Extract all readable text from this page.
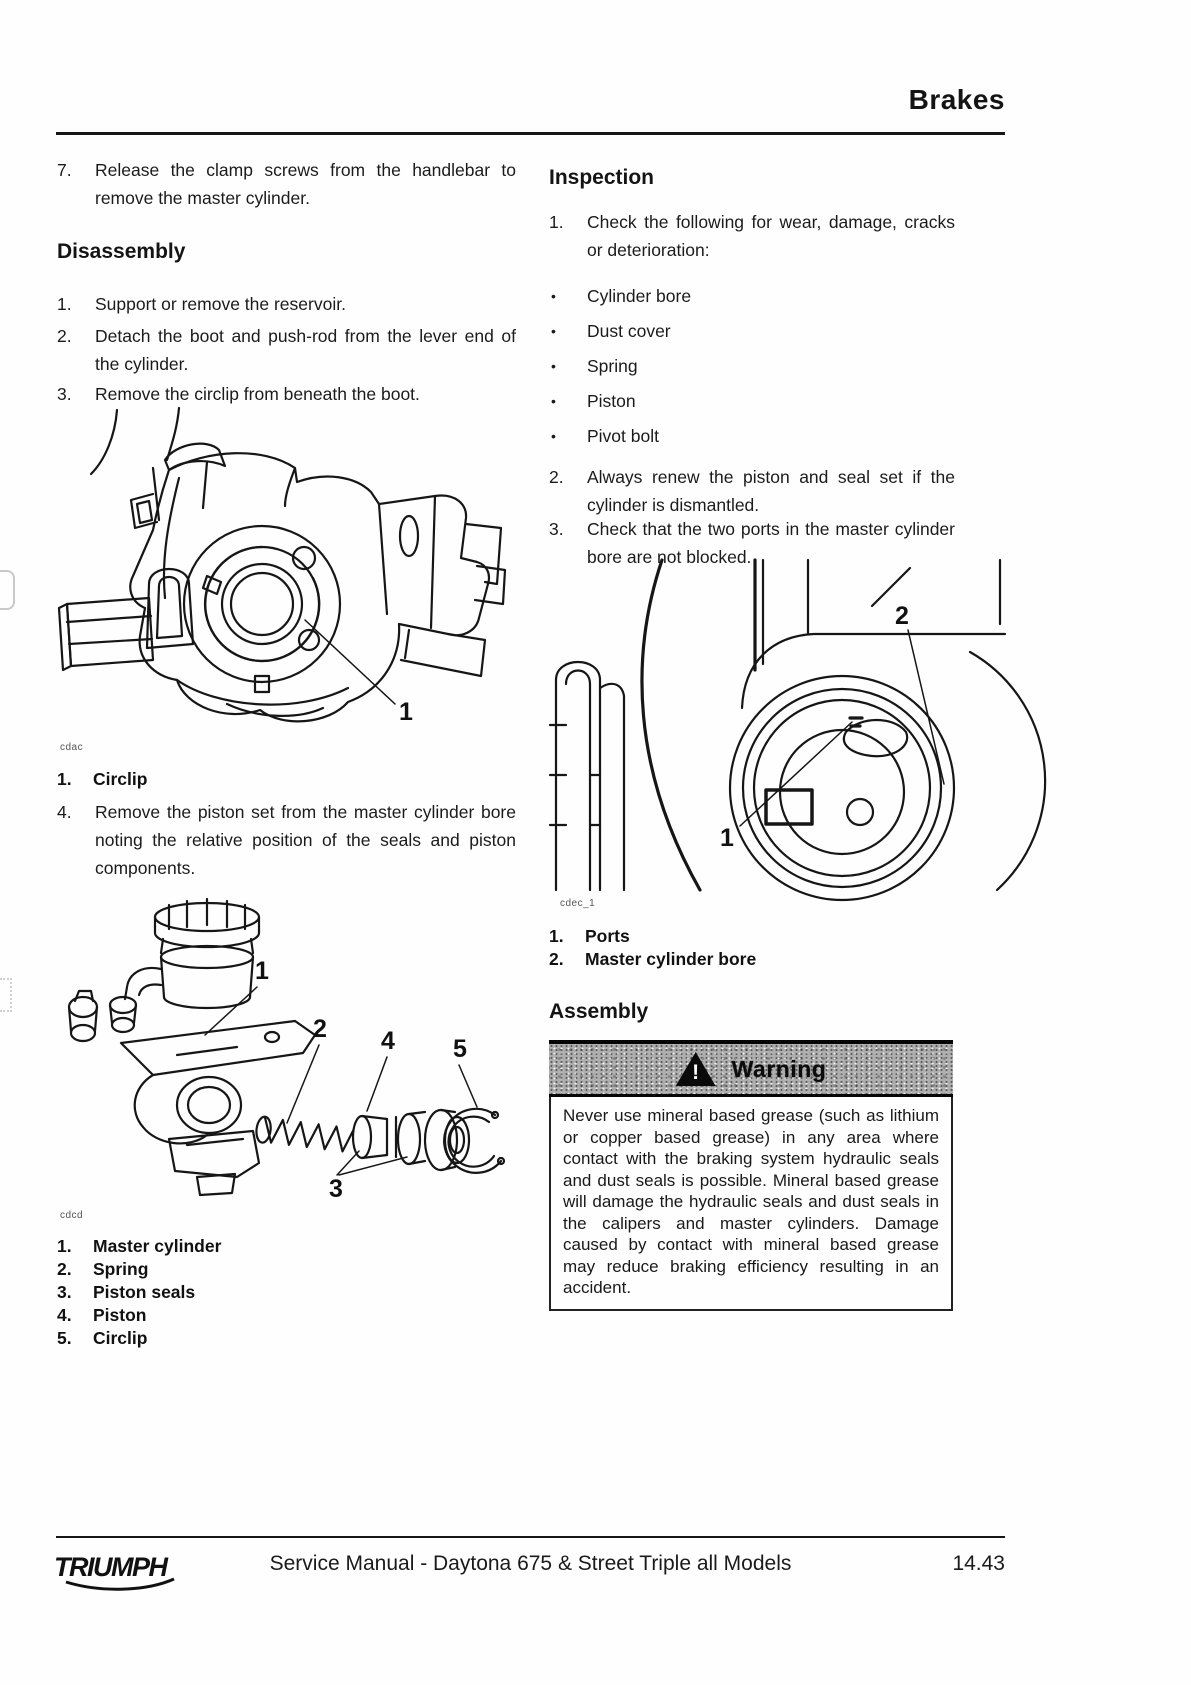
Brakes
7.	Release the clamp screws from the handlebar to remove the master cylinder.
Disassembly
1.	Support or remove the reservoir.
2.	Detach the boot and push-rod from the lever end of the cylinder.
3.	Remove the circlip from beneath the boot.
1
cdac
1.	Circlip
4.	Remove the piston set from the master cylinder bore noting the relative position of the seals and piston components.
1
2 4 5
3
cdcd
1.	Master cylinder
2.	Spring
3.	Piston seals
4.	Piston
5.	Circlip
Inspection
1.	Check the following for wear, damage, cracks or deterioration:
•
Cylinder bore
•
Dust cover
•
Spring
•
Piston
•
Pivot bolt
2.	Always renew the piston and seal set if the cylinder is dismantled.
3.	Check that the two ports in the master cylinder bore are not blocked.
1
2
cdec_1
1.	Ports
2.	Master cylinder bore
Assembly
!
Warning
Never use mineral based grease (such as lithium or copper based grease) in any area where contact with the braking system hydraulic seals and dust seals is possible. Mineral based grease will damage the hydraulic seals and dust seals in the calipers and master cylinders. Damage caused by contact with mineral based grease may reduce braking efficiency resulting in an accident.
TRIUMPH	Service Manual - Daytona 675 & Street Triple all Models	14.43
